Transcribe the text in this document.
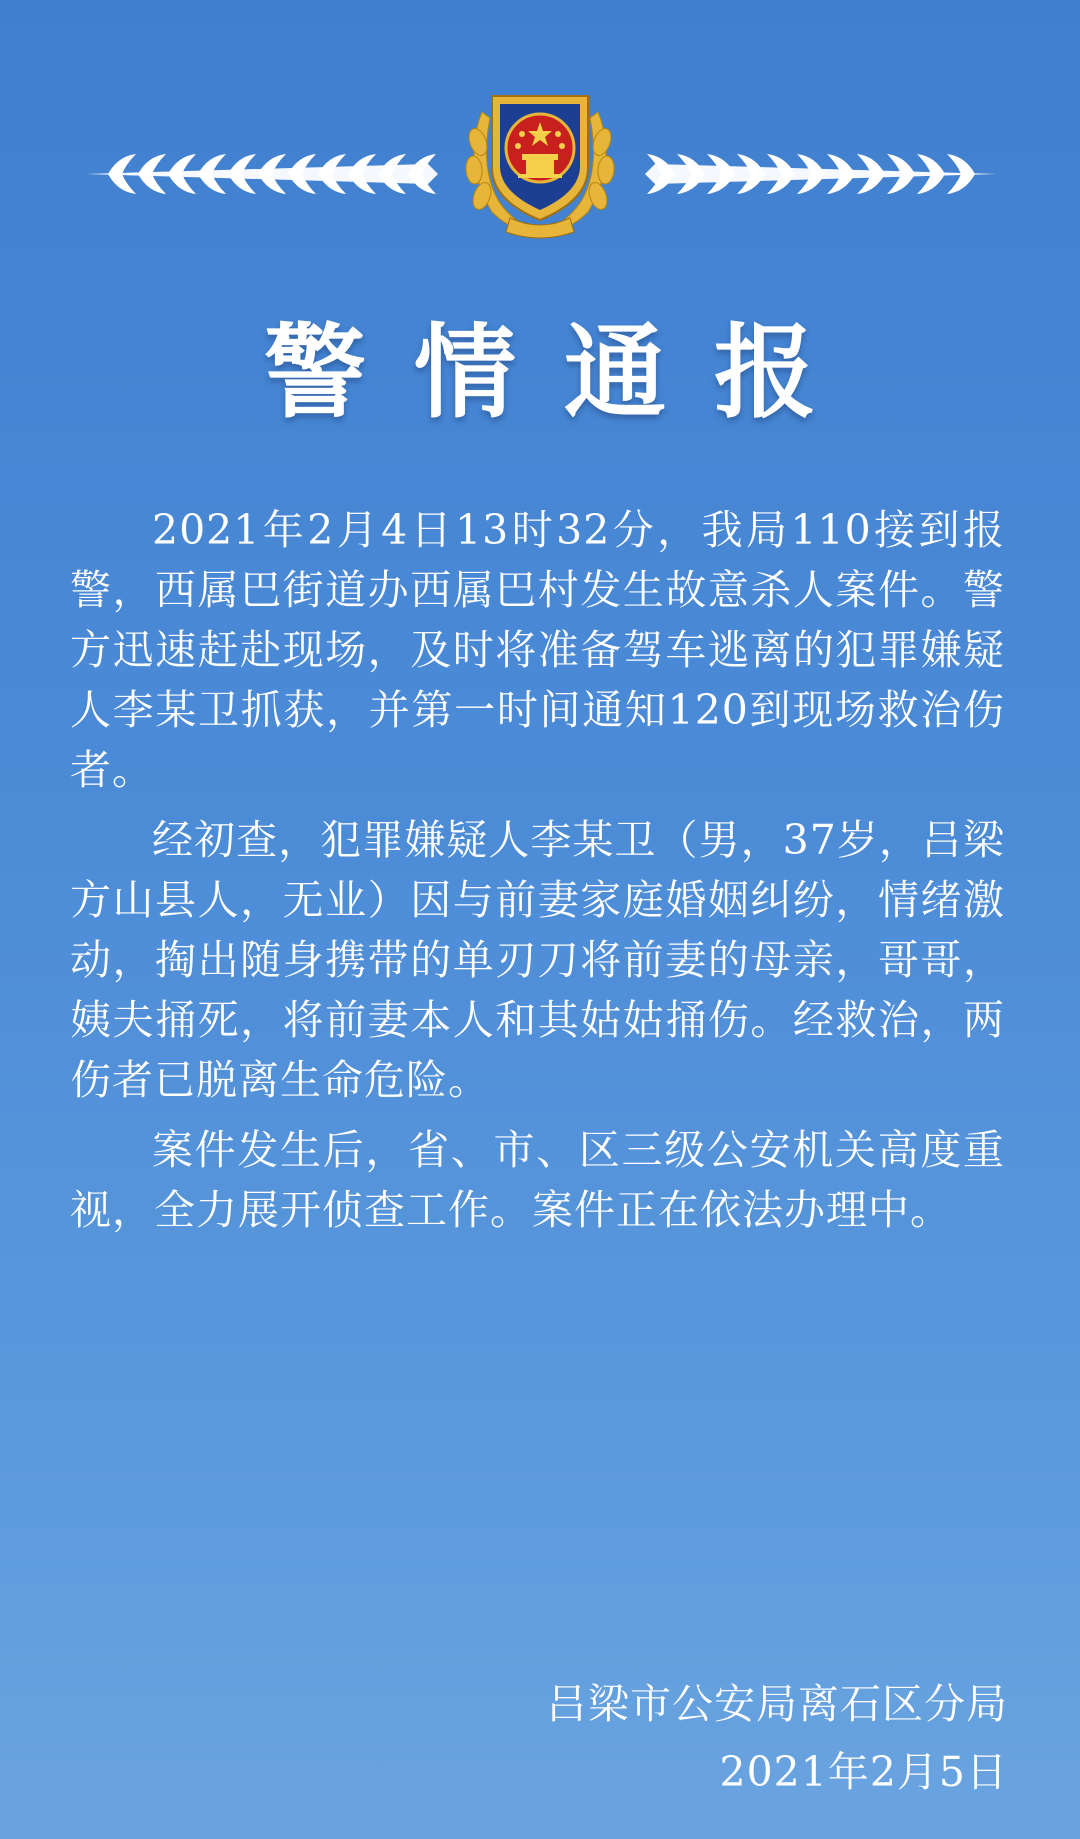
警情通报

2021年2月4日13时32分，我局110接到报警，西属巴街道办西属巴村发生故意杀人案件。警方迅速赶赴现场，及时将准备驾车逃离的犯罪嫌疑人李某卫抓获，并第一时间通知120到现场救治伤者。

经初查，犯罪嫌疑人李某卫（男，37岁，吕梁方山县人，无业）因与前妻家庭婚姻纠纷，情绪激动，掏出随身携带的单刃刀将前妻的母亲，哥哥，姨夫捅死，将前妻本人和其姑姑捅伤。经救治，两伤者已脱离生命危险。

案件发生后，省、市、区三级公安机关高度重视，全力展开侦查工作。案件正在依法办理中。

吕梁市公安局离石区分局
2021年2月5日
